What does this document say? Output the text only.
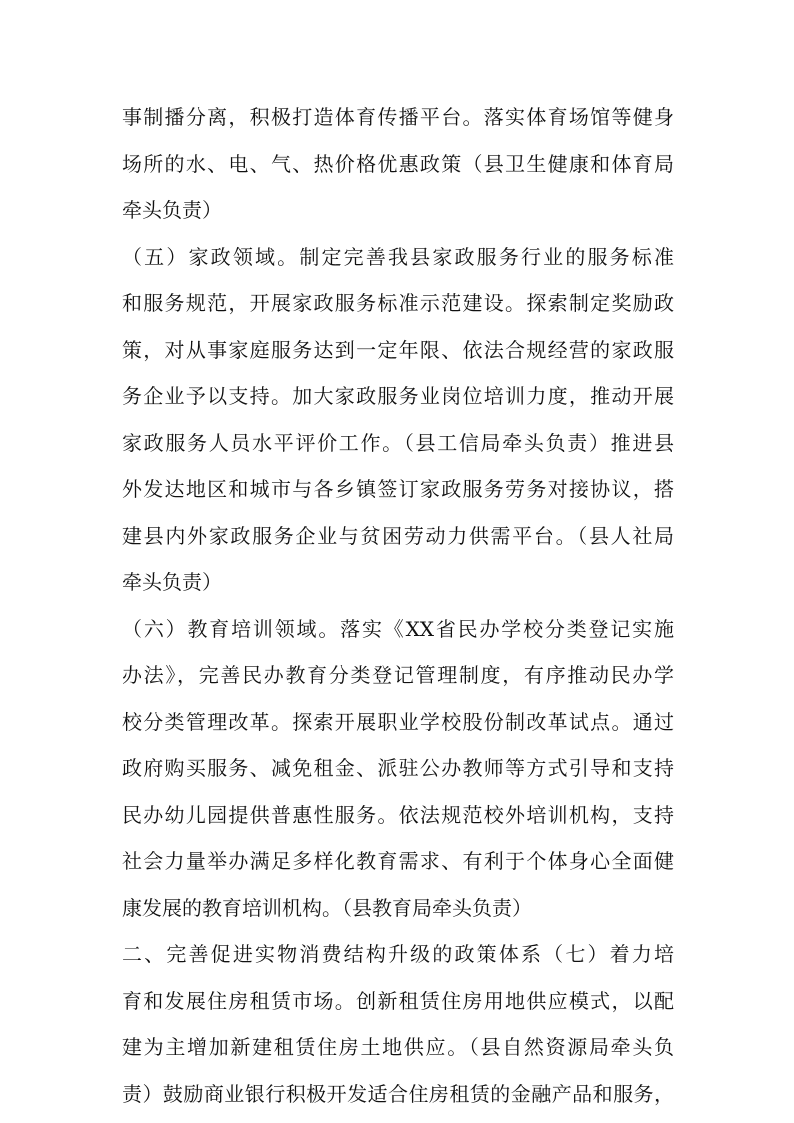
事制播分离，积极打造体育传播平台。落实体育场馆等健身
场所的水、电、气、热价格优惠政策（县卫生健康和体育局
牵头负责）
（五）家政领域。制定完善我县家政服务行业的服务标准
和服务规范，开展家政服务标准示范建设。探索制定奖励政
策，对从事家庭服务达到一定年限、依法合规经营的家政服
务企业予以支持。加大家政服务业岗位培训力度，推动开展
家政服务人员水平评价工作。（县工信局牵头负责）推进县
外发达地区和城市与各乡镇签订家政服务劳务对接协议，搭
建县内外家政服务企业与贫困劳动力供需平台。（县人社局
牵头负责）
（六）教育培训领域。落实《XX省民办学校分类登记实施
办法》，完善民办教育分类登记管理制度，有序推动民办学
校分类管理改革。探索开展职业学校股份制改革试点。通过
政府购买服务、减免租金、派驻公办教师等方式引导和支持
民办幼儿园提供普惠性服务。依法规范校外培训机构，支持
社会力量举办满足多样化教育需求、有利于个体身心全面健
康发展的教育培训机构。（县教育局牵头负责）
二、完善促进实物消费结构升级的政策体系（七）着力培
育和发展住房租赁市场。创新租赁住房用地供应模式，以配
建为主增加新建租赁住房土地供应。（县自然资源局牵头负
责）鼓励商业银行积极开发适合住房租赁的金融产品和服务，
